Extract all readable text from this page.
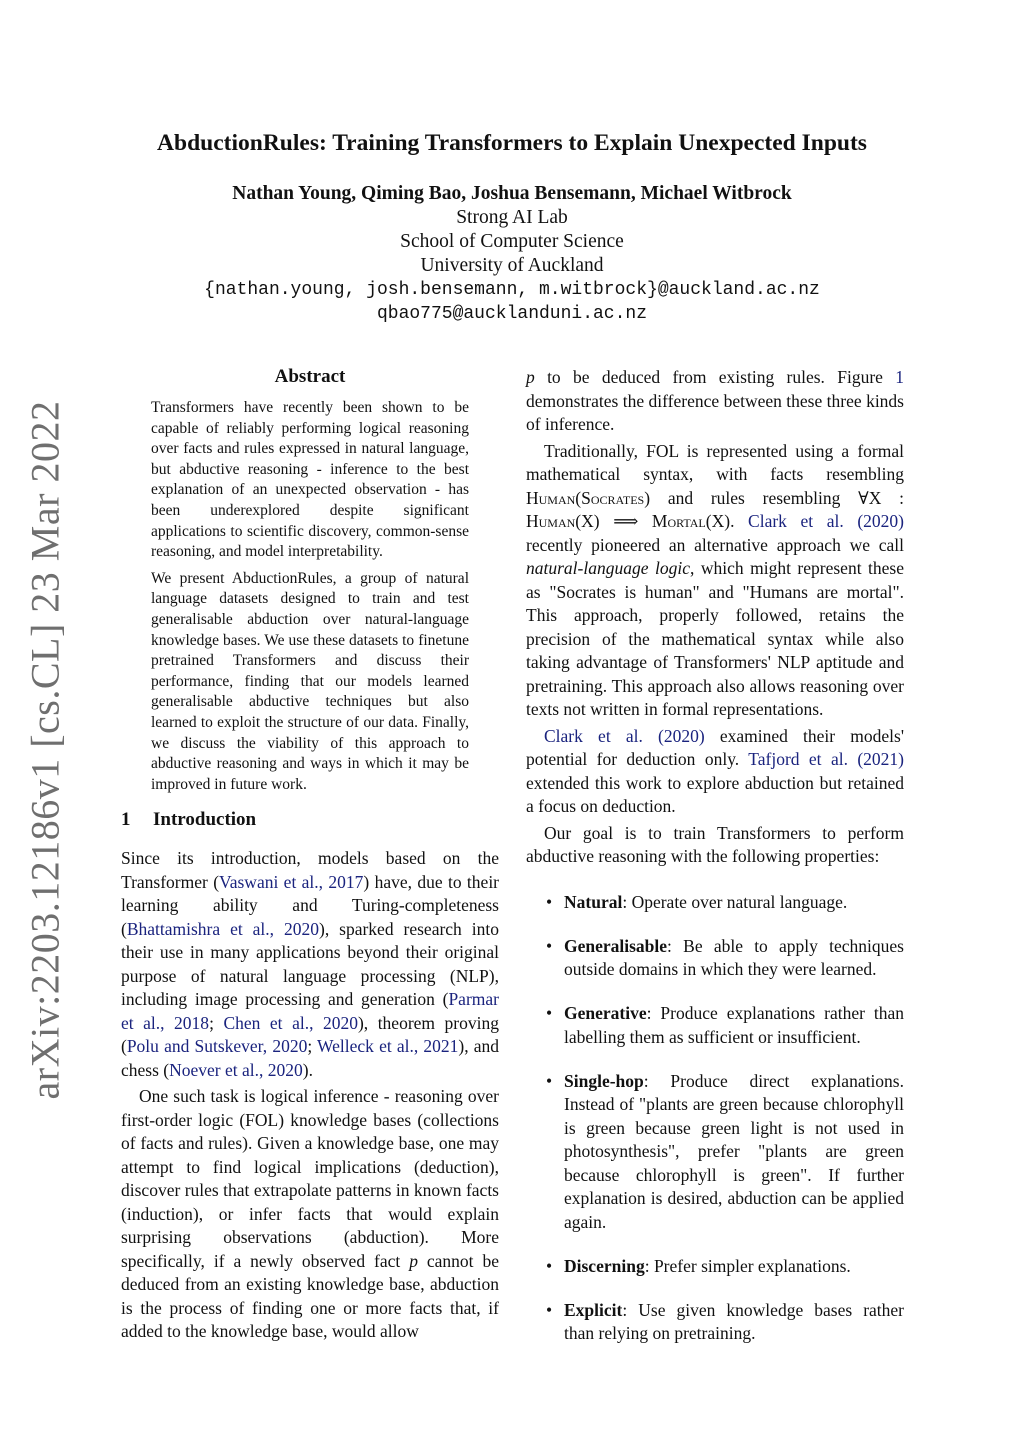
arXiv:2203.12186v1 [cs.CL] 23 Mar 2022
AbductionRules: Training Transformers to Explain Unexpected Inputs
Nathan Young, Qiming Bao, Joshua Bensemann, Michael Witbrock
Strong AI Lab
School of Computer Science
University of Auckland
{nathan.young, josh.bensemann, m.witbrock}@auckland.ac.nz
qbao775@aucklanduni.ac.nz
Abstract

Transformers have recently been shown to be capable of reliably performing logical reasoning over facts and rules expressed in natural language, but abductive reasoning - inference to the best explanation of an unexpected observation - has been underexplored despite significant applications to scientific discovery, common-sense reasoning, and model interpretability.

We present AbductionRules, a group of natural language datasets designed to train and test generalisable abduction over natural-language knowledge bases. We use these datasets to finetune pretrained Transformers and discuss their performance, finding that our models learned generalisable abductive techniques but also learned to exploit the structure of our data. Finally, we discuss the viability of this approach to abductive reasoning and ways in which it may be improved in future work.

1 Introduction

Since its introduction, models based on the Transformer (Vaswani et al., 2017) have, due to their learning ability and Turing-completeness (Bhattamishra et al., 2020), sparked research into their use in many applications beyond their original purpose of natural language processing (NLP), including image processing and generation (Parmar et al., 2018; Chen et al., 2020), theorem proving (Polu and Sutskever, 2020; Welleck et al., 2021), and chess (Noever et al., 2020).

One such task is logical inference - reasoning over first-order logic (FOL) knowledge bases (collections of facts and rules). Given a knowledge base, one may attempt to find logical implications (deduction), discover rules that extrapolate patterns in known facts (induction), or infer facts that would explain surprising observations (abduction). More specifically, if a newly observed fact p cannot be deduced from an existing knowledge base, abduction is the process of finding one or more facts that, if added to the knowledge base, would allow

p to be deduced from existing rules. Figure 1 demonstrates the difference between these three kinds of inference.

Traditionally, FOL is represented using a formal mathematical syntax, with facts resembling Human(Socrates) and rules resembling ∀X : Human(X) ⟹ Mortal(X). Clark et al. (2020) recently pioneered an alternative approach we call natural-language logic, which might represent these as "Socrates is human" and "Humans are mortal". This approach, properly followed, retains the precision of the mathematical syntax while also taking advantage of Transformers' NLP aptitude and pretraining. This approach also allows reasoning over texts not written in formal representations.

Clark et al. (2020) examined their models' potential for deduction only. Tafjord et al. (2021) extended this work to explore abduction but retained a focus on deduction.

Our goal is to train Transformers to perform abductive reasoning with the following properties:

• Natural: Operate over natural language.
• Generalisable: Be able to apply techniques outside domains in which they were learned.
• Generative: Produce explanations rather than labelling them as sufficient or insufficient.
• Single-hop: Produce direct explanations. Instead of "plants are green because chlorophyll is green because green light is not used in photosynthesis", prefer "plants are green because chlorophyll is green". If further explanation is desired, abduction can be applied again.
• Discerning: Prefer simpler explanations.
• Explicit: Use given knowledge bases rather than relying on pretraining.
